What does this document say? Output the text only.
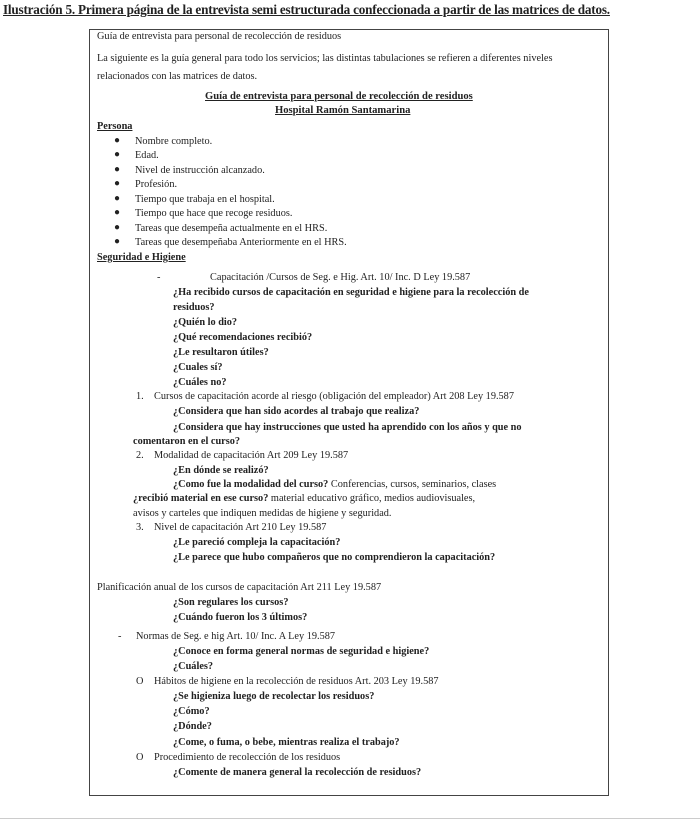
Ilustración 5. Primera página de la entrevista semi estructurada confeccionada a partir de las matrices de datos.
Guía de entrevista para personal de recolección de residuos
La siguiente es la guía general para todo los servicios; las distintas tabulaciones se refieren a diferentes niveles
relacionados con las matrices de datos.
Guía de entrevista para personal de recolección de residuos
Hospital Ramón Santamarina
Persona
● Nombre completo.
● Edad.
● Nivel de instrucción alcanzado.
● Profesión.
● Tiempo que trabaja en el hospital.
● Tiempo que hace que recoge residuos.
● Tareas que desempeña actualmente en el HRS.
● Tareas que desempeñaba Anteriormente en el HRS.
Seguridad e Higiene
-	Capacitación /Cursos de Seg. e Hig. Art. 10/ Inc. D Ley 19.587
¿Ha recibido cursos de capacitación en seguridad e higiene para la recolección de
residuos?
¿Quién lo dio?
¿Qué recomendaciones recibió?
¿Le resultaron útiles?
¿Cuales sí?
¿Cuáles no?
1. Cursos de capacitación acorde al riesgo (obligación del empleador) Art 208 Ley 19.587
¿Considera que han sido acordes al trabajo que realiza?
¿Considera que hay instrucciones que usted ha aprendido con los años y que no
comentaron en el curso?
2. Modalidad de capacitación Art 209 Ley 19.587
¿En dónde se realizó?
¿Como fue la modalidad del curso? Conferencias, cursos, seminarios, clases
¿recibió material en ese curso? material educativo gráfico, medios audiovisuales,
avisos y carteles que indiquen medidas de higiene y seguridad.
3. Nivel de capacitación Art 210 Ley 19.587
¿Le pareció compleja la capacitación?
¿Le parece que hubo compañeros que no comprendieron la capacitación?
Planificación anual de los cursos de capacitación Art 211 Ley 19.587
¿Son regulares los cursos?
¿Cuándo fueron los 3 últimos?
- Normas de Seg. e hig Art. 10/ Inc. A Ley 19.587
¿Conoce en forma general normas de seguridad e higiene?
¿Cuáles?
O Hábitos de higiene en la recolección de residuos Art. 203 Ley 19.587
¿Se higieniza luego de recolectar los residuos?
¿Cómo?
¿Dónde?
¿Come, o fuma, o bebe, mientras realiza el trabajo?
O Procedimiento de recolección de los residuos
¿Comente de manera general la recolección de residuos?
